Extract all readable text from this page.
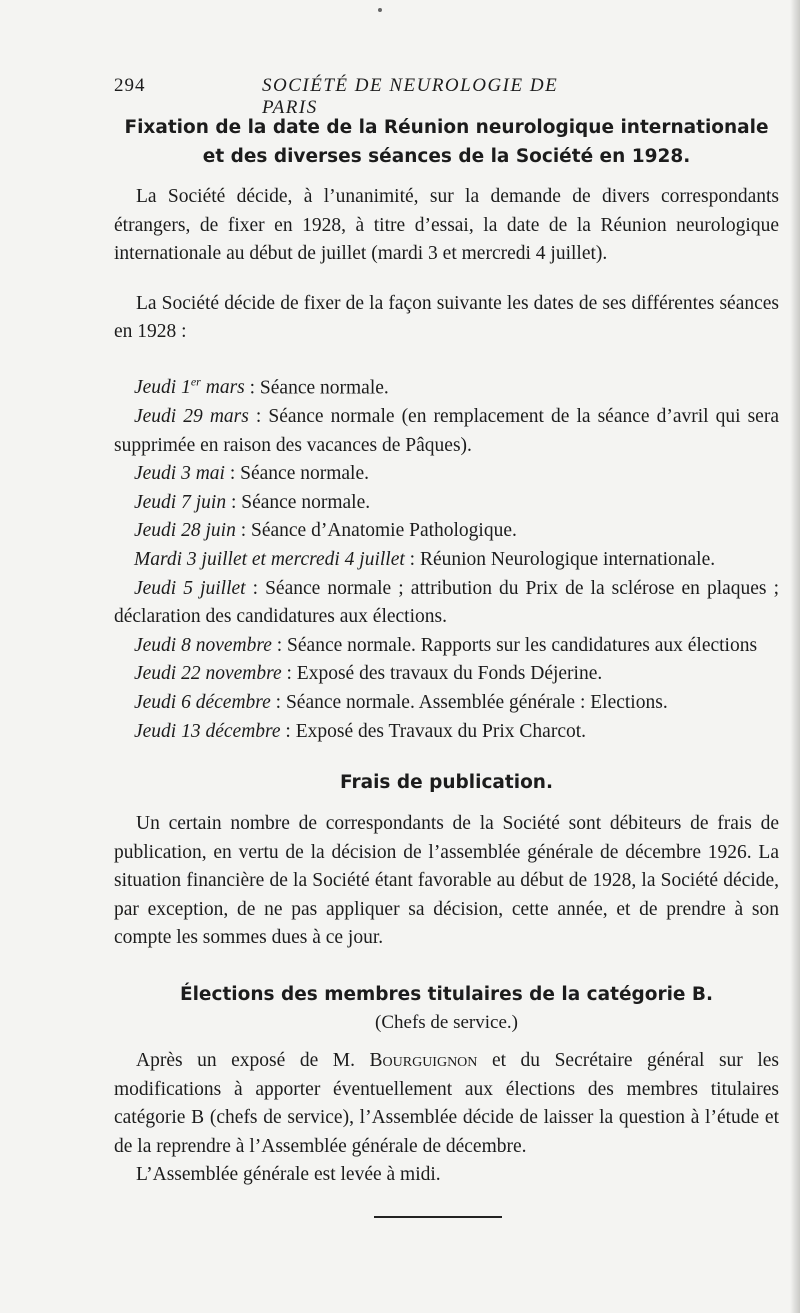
294	SOCIÉTÉ DE NEUROLOGIE DE PARIS
Fixation de la date de la Réunion neurologique internationale
et des diverses séances de la Société en 1928.

La Société décide, à l’unanimité, sur la demande de divers correspondants étrangers, de fixer en 1928, à titre d’essai, la date de la Réunion neurologique internationale au début de juillet (mardi 3 et mercredi 4 juillet).

La Société décide de fixer de la façon suivante les dates de ses différentes séances en 1928 :

Jeudi 1er mars : Séance normale.

Jeudi 29 mars : Séance normale (en remplacement de la séance d’avril qui sera supprimée en raison des vacances de Pâques).

Jeudi 3 mai : Séance normale.

Jeudi 7 juin : Séance normale.

Jeudi 28 juin : Séance d’Anatomie Pathologique.

Mardi 3 juillet et mercredi 4 juillet : Réunion Neurologique internationale.

Jeudi 5 juillet : Séance normale ; attribution du Prix de la sclérose en plaques ; déclaration des candidatures aux élections.

Jeudi 8 novembre : Séance normale. Rapports sur les candidatures aux élections

Jeudi 22 novembre : Exposé des travaux du Fonds Déjerine.

Jeudi 6 décembre : Séance normale. Assemblée générale : Elections.

Jeudi 13 décembre : Exposé des Travaux du Prix Charcot.

Frais de publication.

Un certain nombre de correspondants de la Société sont débiteurs de frais de publication, en vertu de la décision de l’assemblée générale de décembre 1926. La situation financière de la Société étant favorable au début de 1928, la Société décide, par exception, de ne pas appliquer sa décision, cette année, et de prendre à son compte les sommes dues à ce jour.

Élections des membres titulaires de la catégorie B.
(Chefs de service.)

Après un exposé de M. Bourguignon et du Secrétaire général sur les modifications à apporter éventuellement aux élections des membres titulaires catégorie B (chefs de service), l’Assemblée décide de laisser la question à l’étude et de la reprendre à l’Assemblée générale de décembre.

L’Assemblée générale est levée à midi.
